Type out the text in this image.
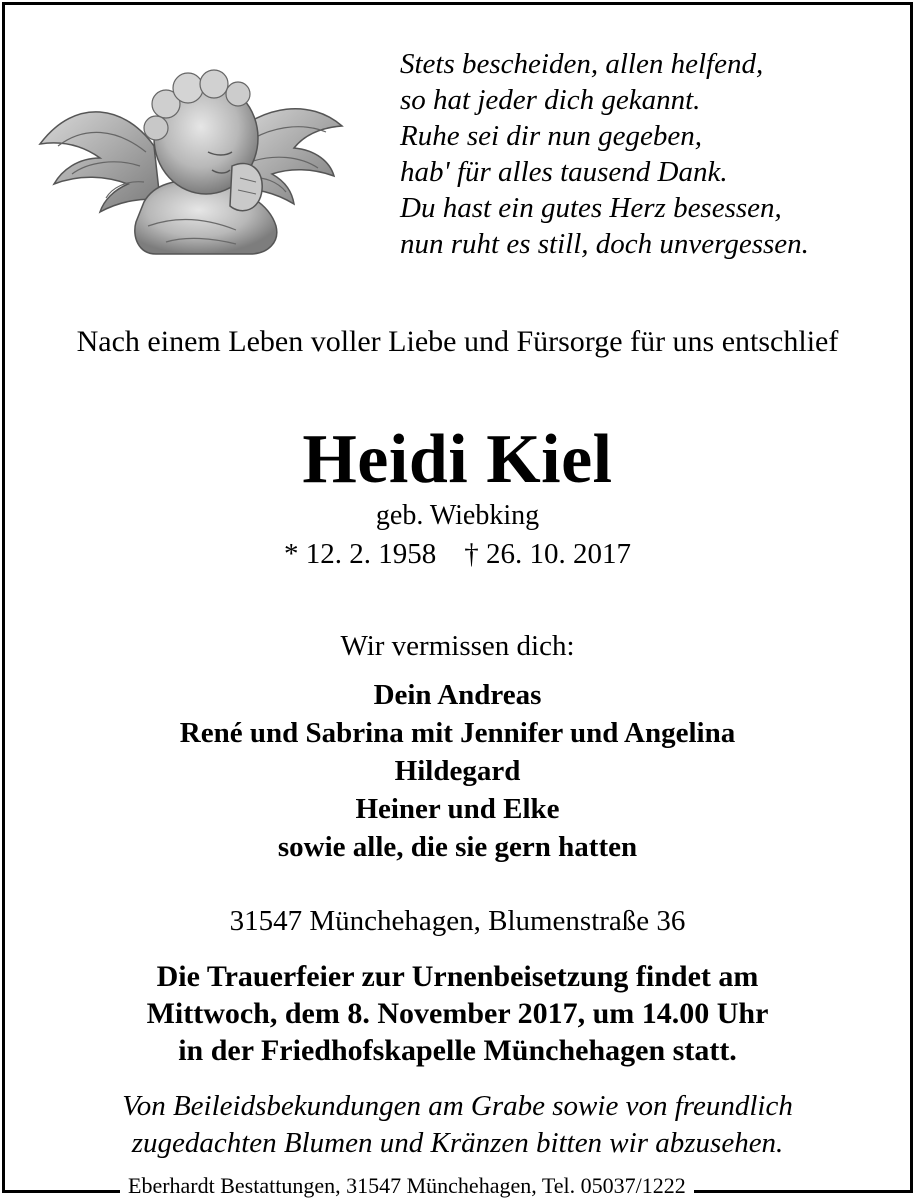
Stets bescheiden, allen helfend,
so hat jeder dich gekannt.
Ruhe sei dir nun gegeben,
hab' für alles tausend Dank.
Du hast ein gutes Herz besessen,
nun ruht es still, doch unvergessen.
Nach einem Leben voller Liebe und Fürsorge für uns entschlief
Heidi Kiel
geb. Wiebking
* 12. 2. 1958 † 26. 10. 2017
Wir vermissen dich:
Dein Andreas
René und Sabrina mit Jennifer und Angelina
Hildegard
Heiner und Elke
sowie alle, die sie gern hatten
31547 Münchehagen, Blumenstraße 36
Die Trauerfeier zur Urnenbeisetzung findet am
Mittwoch, dem 8. November 2017, um 14.00 Uhr
in der Friedhofskapelle Münchehagen statt.
Von Beileidsbekundungen am Grabe sowie von freundlich
zugedachten Blumen und Kränzen bitten wir abzusehen.
Eberhardt Bestattungen, 31547 Münchehagen, Tel. 05037/1222
